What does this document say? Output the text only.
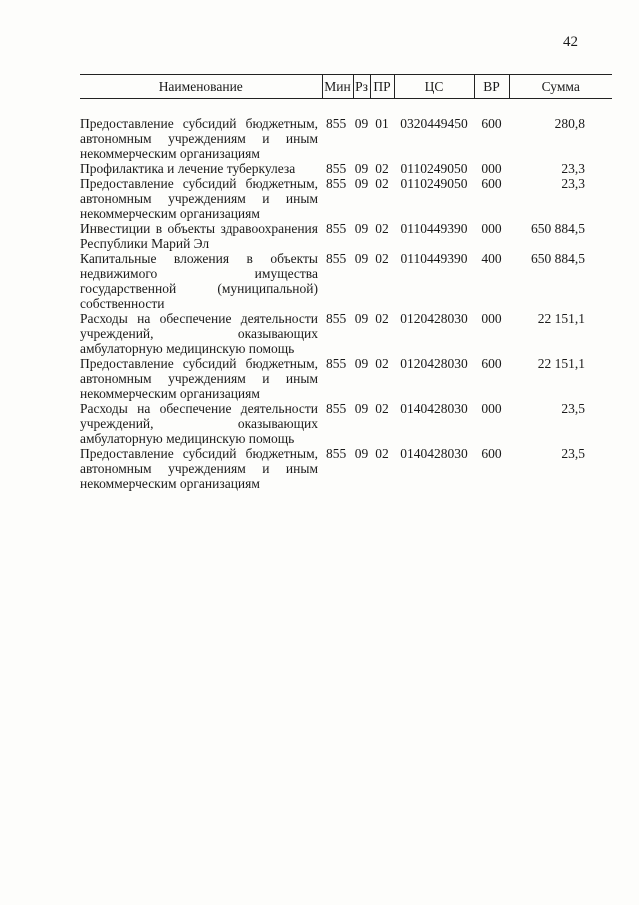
42
Наименование	Мин	Рз	ПР	ЦС	ВР	Сумма

Предоставление субсидий бюджетным, автономным учреждениям и иным некоммерческим организациям	855	09	01	0320449450	600	280,8
Профилактика и лечение туберкулеза	855	09	02	0110249050	000	23,3
Предоставление субсидий бюджетным, автономным учреждениям и иным некоммерческим организациям	855	09	02	0110249050	600	23,3
Инвестиции в объекты здравоохранения Республики Марий Эл	855	09	02	0110449390	000	650 884,5
Капитальные вложения в объекты недвижимого имущества государственной (муниципальной) собственности	855	09	02	0110449390	400	650 884,5
Расходы на обеспечение деятельности учреждений, оказывающих амбулаторную медицинскую помощь	855	09	02	0120428030	000	22 151,1
Предоставление субсидий бюджетным, автономным учреждениям и иным некоммерческим организациям	855	09	02	0120428030	600	22 151,1
Расходы на обеспечение деятельности учреждений, оказывающих амбулаторную медицинскую помощь	855	09	02	0140428030	000	23,5
Предоставление субсидий бюджетным, автономным учреждениям и иным некоммерческим организациям	855	09	02	0140428030	600	23,5
